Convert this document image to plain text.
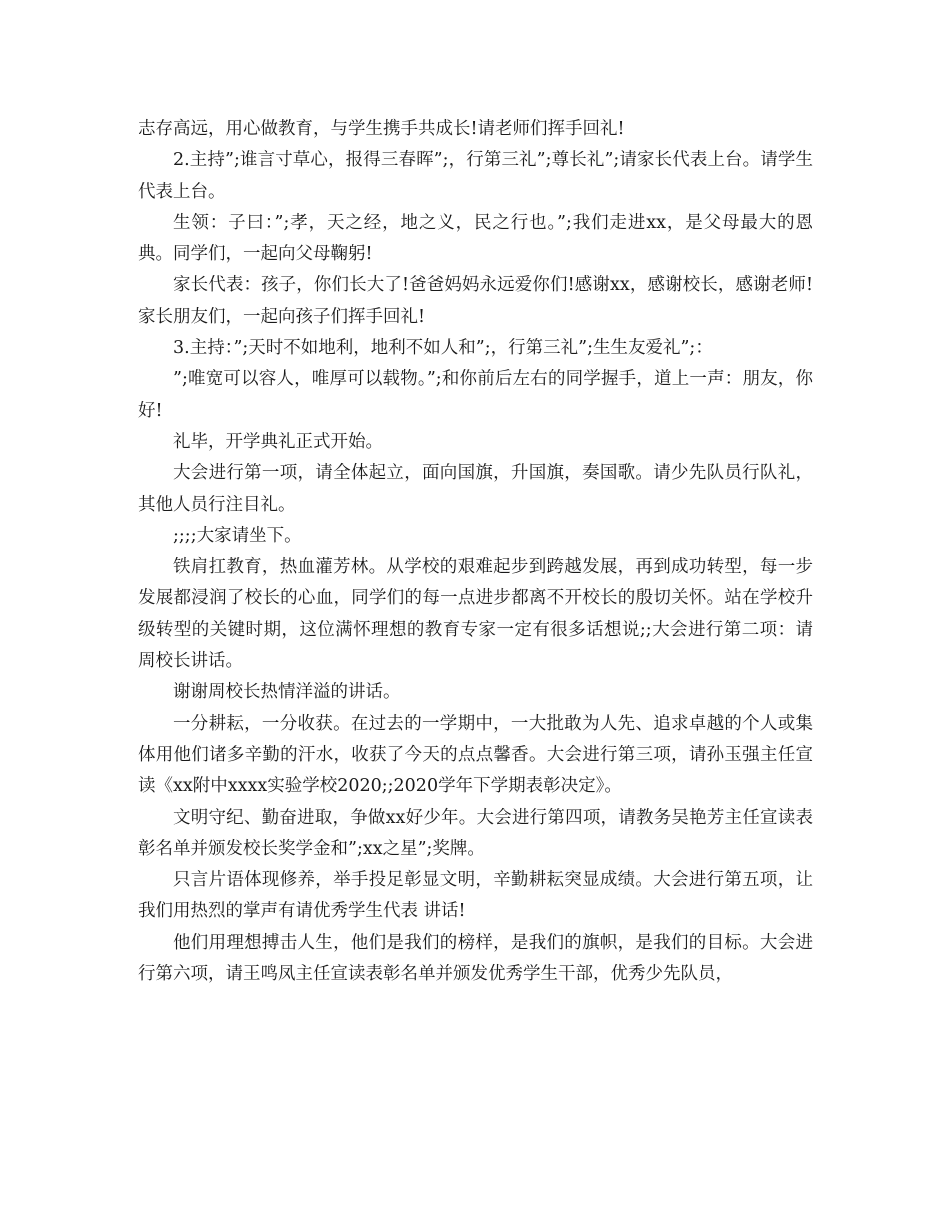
志存高远，用心做教育，与学生携手共成长!请老师们挥手回礼!

2.主持”;谁言寸草心，报得三春晖”;，行第三礼”;尊长礼”;请家长代表上台。请学生代表上台。

生领：子曰：”;孝，天之经，地之义，民之行也。”;我们走进xx，是父母最大的恩典。同学们，一起向父母鞠躬!

家长代表：孩子，你们长大了!爸爸妈妈永远爱你们!感谢xx，感谢校长，感谢老师!家长朋友们，一起向孩子们挥手回礼!

3.主持：”;天时不如地利，地利不如人和”;，行第三礼”;生生友爱礼”;：

”;唯宽可以容人，唯厚可以载物。”;和你前后左右的同学握手，道上一声：朋友，你好!

礼毕，开学典礼正式开始。

大会进行第一项，请全体起立，面向国旗，升国旗，奏国歌。请少先队员行队礼，其他人员行注目礼。

;;;;大家请坐下。

铁肩扛教育，热血灌芳林。从学校的艰难起步到跨越发展，再到成功转型，每一步发展都浸润了校长的心血，同学们的每一点进步都离不开校长的殷切关怀。站在学校升级转型的关键时期，这位满怀理想的教育专家一定有很多话想说;;大会进行第二项：请周校长讲话。

谢谢周校长热情洋溢的讲话。

一分耕耘，一分收获。在过去的一学期中，一大批敢为人先、追求卓越的个人或集体用他们诸多辛勤的汗水，收获了今天的点点馨香。大会进行第三项，请孙玉强主任宣读《xx附中xxxx实验学校2020;;2020学年下学期表彰决定》。

文明守纪、勤奋进取，争做xx好少年。大会进行第四项，请教务吴艳芳主任宣读表彰名单并颁发校长奖学金和”;xx之星”;奖牌。

只言片语体现修养，举手投足彰显文明，辛勤耕耘突显成绩。大会进行第五项，让我们用热烈的掌声有请优秀学生代表 讲话!

他们用理想搏击人生，他们是我们的榜样，是我们的旗帜，是我们的目标。大会进行第六项，请王鸣凤主任宣读表彰名单并颁发优秀学生干部，优秀少先队员，
